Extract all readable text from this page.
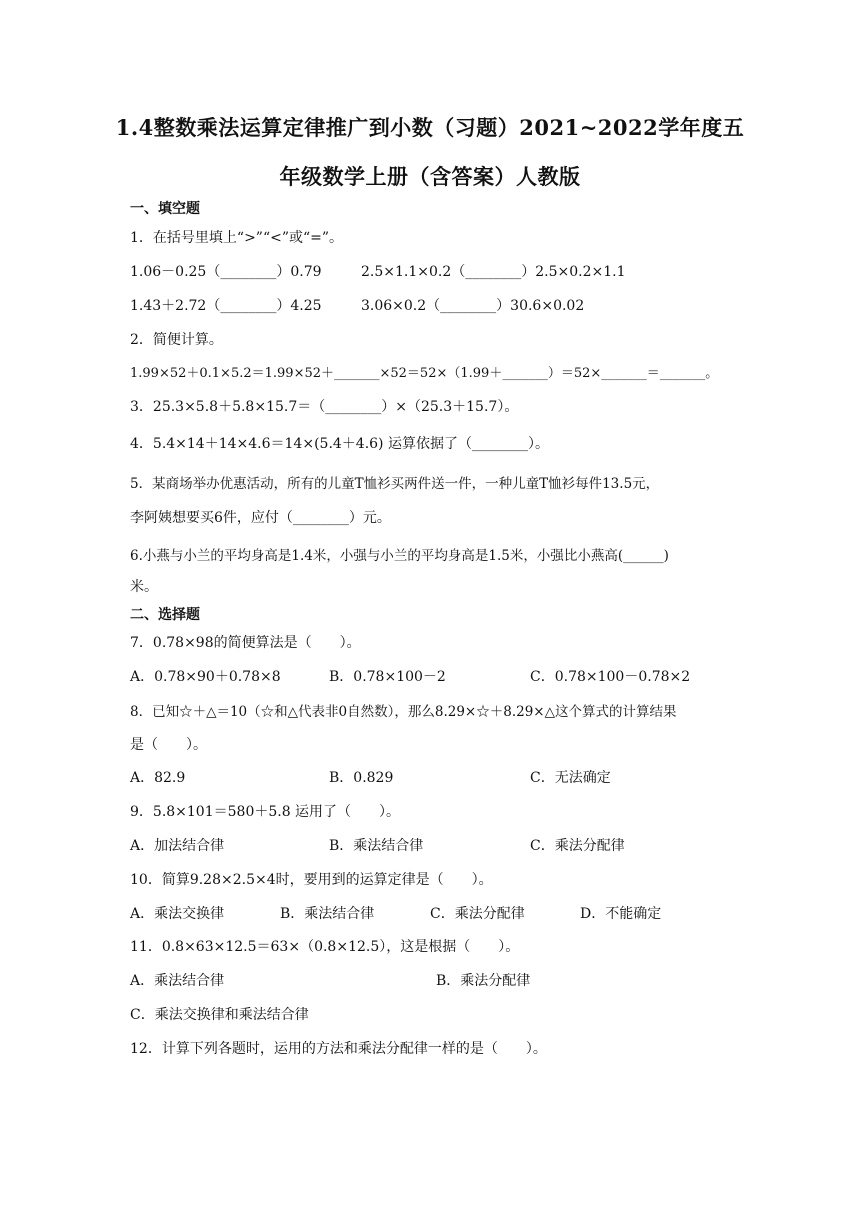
1.4整数乘法运算定律推广到小数（习题）2021~2022学年度五
年级数学上册（含答案）人教版
一、填空题
1．在括号里填上“>”“<”或“=”。
1.06－0.25（________）0.79	2.5×1.1×0.2（________）2.5×0.2×1.1
1.43＋2.72（________）4.25	3.06×0.2（________）30.6×0.02
2．简便计算。
1.99×52＋0.1×5.2＝1.99×52＋_______×52＝52×（1.99＋_______）＝52×_______＝_______。
3．25.3×5.8＋5.8×15.7＝（________）×（25.3＋15.7）。
4．5.4×14＋14×4.6＝14×(5.4＋4.6) 运算依据了（________）。
5．某商场举办优惠活动，所有的儿童T恤衫买两件送一件，一种儿童T恤衫每件13.5元，
李阿姨想要买6件，应付（________）元。
6.小燕与小兰的平均身高是1.4米，小强与小兰的平均身高是1.5米，小强比小燕高(______)
米。
二、选择题
7．0.78×98的简便算法是（　　）。
A．0.78×90＋0.78×8	B．0.78×100－2	C．0.78×100－0.78×2
8．已知☆＋△＝10（☆和△代表非0自然数），那么8.29×☆＋8.29×△这个算式的计算结果
是（　　）。
A．82.9	B．0.829	C．无法确定
9．5.8×101＝580＋5.8 运用了（　　）。
A．加法结合律	B．乘法结合律	C．乘法分配律
10．简算9.28×2.5×4时，要用到的运算定律是（　　）。
A．乘法交换律	B．乘法结合律	C．乘法分配律	D．不能确定
11．0.8×63×12.5＝63×（0.8×12.5），这是根据（　　）。
A．乘法结合律	B．乘法分配律
C．乘法交换律和乘法结合律
12．计算下列各题时，运用的方法和乘法分配律一样的是（　　）。
